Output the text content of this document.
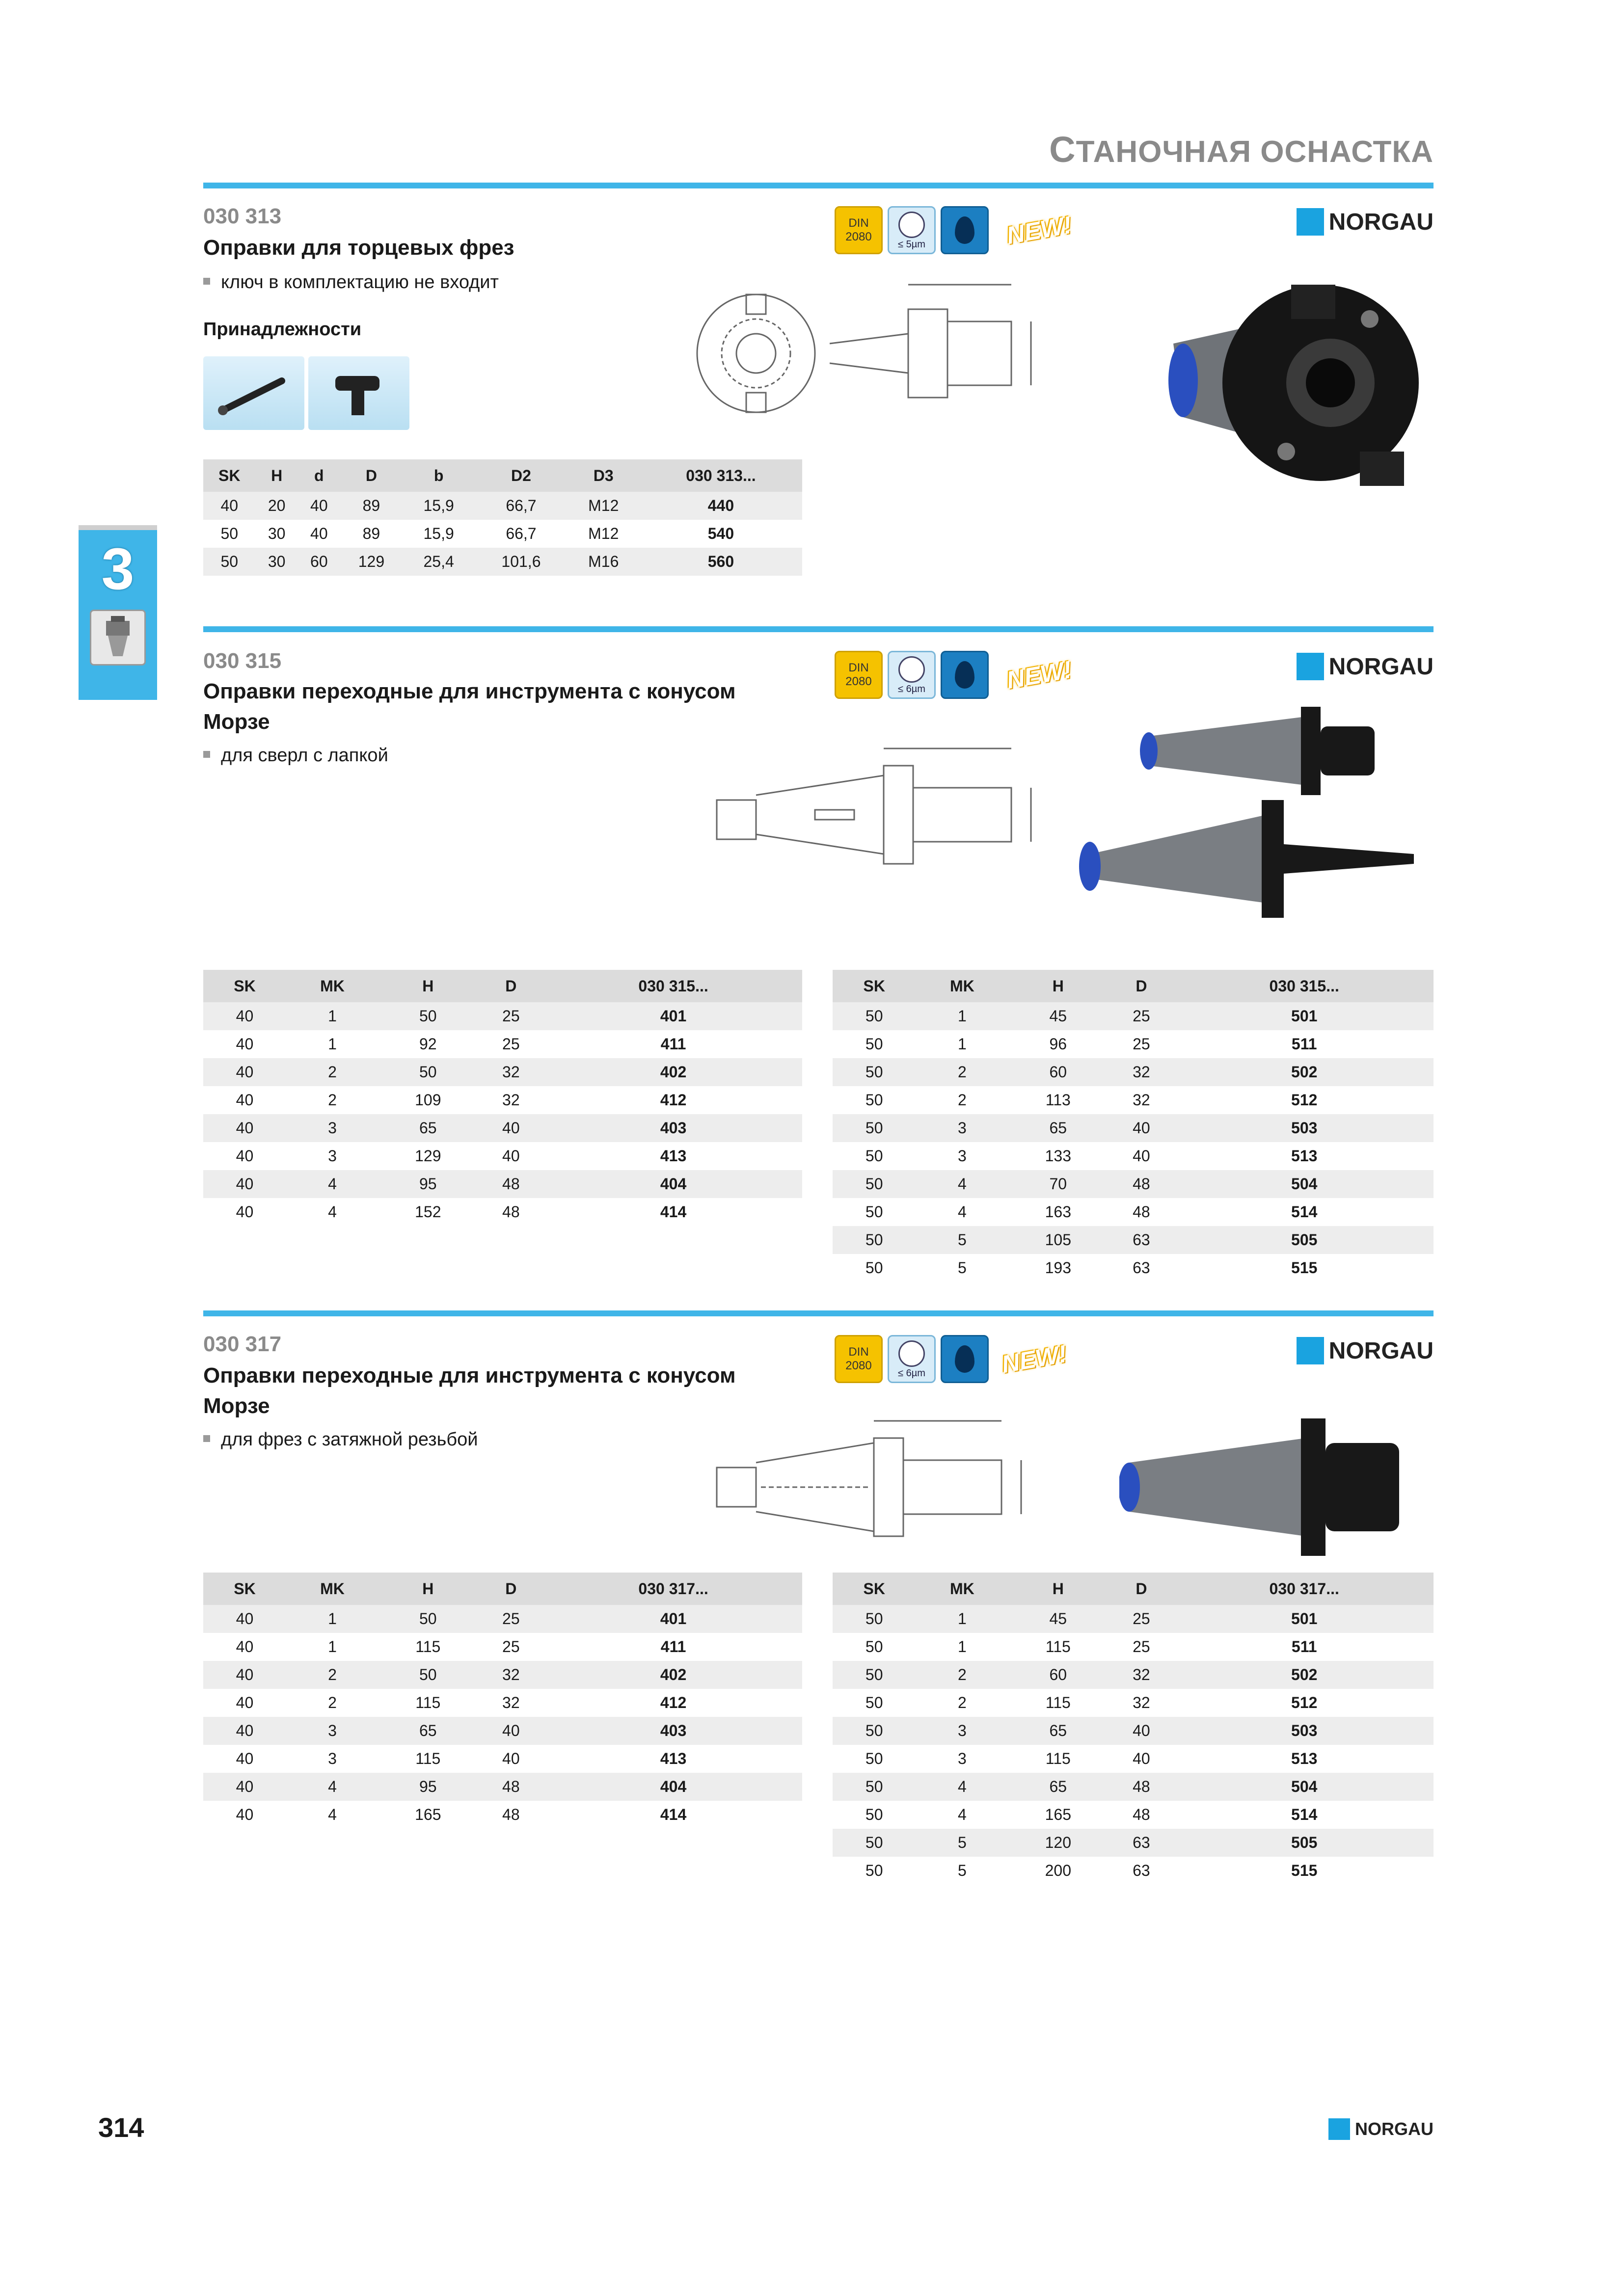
СТАНОЧНАЯ ОСНАСТКА
3
030 313
Оправки для торцевых фрез
ключ в комплектацию не входит
Принадлежности
DIN
2080
≤ 5µm	NEW!	NORGAU
SK	H	d	D	b	D2	D3	030 313...
40	20	40	89	15,9	66,7	M12	440
50	30	40	89	15,9	66,7	M12	540
50	30	60	129	25,4	101,6	M16	560
030 315
Оправки переходные для инструмента с конусом
Морзе
для сверл с лапкой
DIN
2080
≤ 6µm	NEW!	NORGAU
SK	MK	H	D	030 315...
40	1	50	25	401
40	1	92	25	411
40	2	50	32	402
40	2	109	32	412
40	3	65	40	403
40	3	129	40	413
40	4	95	48	404
40	4	152	48	414
SK	MK	H	D	030 315...
50	1	45	25	501
50	1	96	25	511
50	2	60	32	502
50	2	113	32	512
50	3	65	40	503
50	3	133	40	513
50	4	70	48	504
50	4	163	48	514
50	5	105	63	505
50	5	193	63	515
030 317
Оправки переходные для инструмента с конусом
Морзе
для фрез с затяжной резьбой
DIN
2080
≤ 6µm	NEW!	NORGAU
SK	MK	H	D	030 317...
40	1	50	25	401
40	1	115	25	411
40	2	50	32	402
40	2	115	32	412
40	3	65	40	403
40	3	115	40	413
40	4	95	48	404
40	4	165	48	414
SK	MK	H	D	030 317...
50	1	45	25	501
50	1	115	25	511
50	2	60	32	502
50	2	115	32	512
50	3	65	40	503
50	3	115	40	513
50	4	65	48	504
50	4	165	48	514
50	5	120	63	505
50	5	200	63	515
314	NORGAU
